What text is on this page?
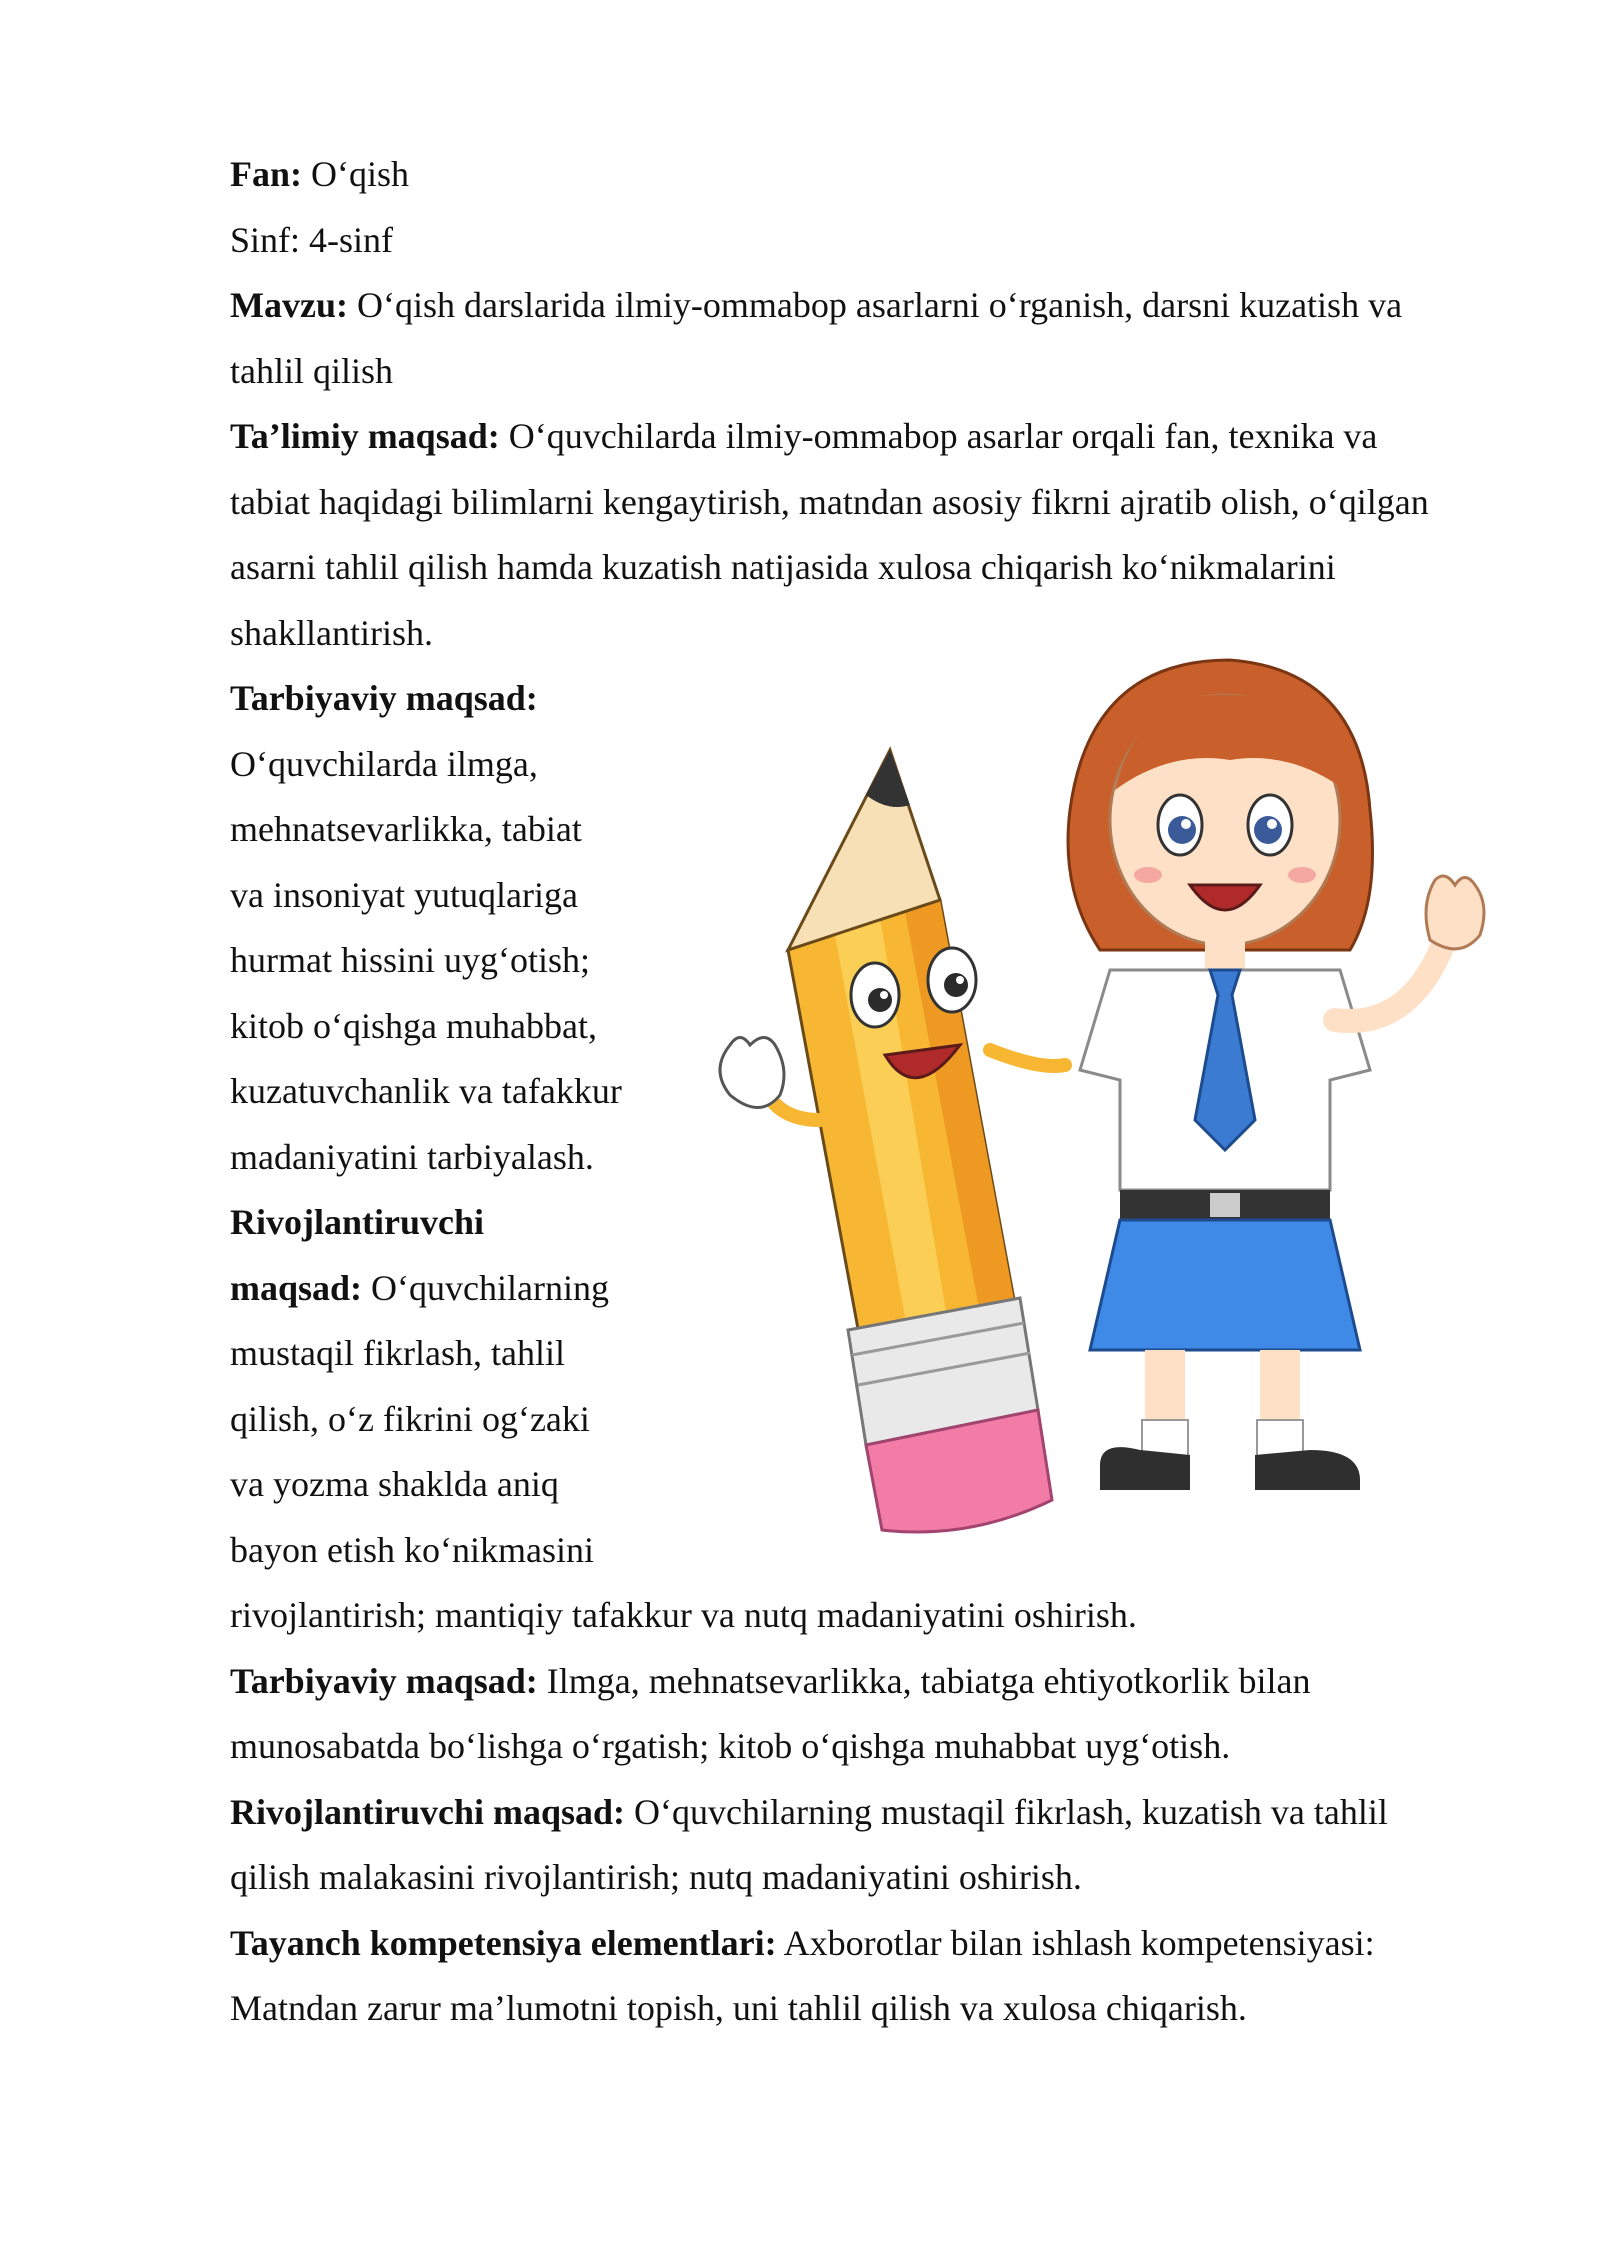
Fan: O‘qish
Sinf: 4-sinf
Mavzu: O‘qish darslarida ilmiy-ommabop asarlarni o‘rganish, darsni kuzatish va
tahlil qilish
Ta’limiy maqsad: O‘quvchilarda ilmiy-ommabop asarlar orqali fan, texnika va
tabiat haqidagi bilimlarni kengaytirish, matndan asosiy fikrni ajratib olish, o‘qilgan
asarni tahlil qilish hamda kuzatish natijasida xulosa chiqarish ko‘nikmalarini
shakllantirish.
Tarbiyaviy maqsad:
O‘quvchilarda ilmga,
mehnatsevarlikka, tabiat
va insoniyat yutuqlariga
hurmat hissini uyg‘otish;
kitob o‘qishga muhabbat,
kuzatuvchanlik va tafakkur
madaniyatini tarbiyalash.
Rivojlantiruvchi
maqsad: O‘quvchilarning
mustaqil fikrlash, tahlil
qilish, o‘z fikrini og‘zaki
va yozma shaklda aniq
bayon etish ko‘nikmasini
rivojlantirish; mantiqiy tafakkur va nutq madaniyatini oshirish.
Tarbiyaviy maqsad: Ilmga, mehnatsevarlikka, tabiatga ehtiyotkorlik bilan
munosabatda bo‘lishga o‘rgatish; kitob o‘qishga muhabbat uyg‘otish.
Rivojlantiruvchi maqsad: O‘quvchilarning mustaqil fikrlash, kuzatish va tahlil
qilish malakasini rivojlantirish; nutq madaniyatini oshirish.
Tayanch kompetensiya elementlari: Axborotlar bilan ishlash kompetensiyasi:
Matndan zarur ma’lumotni topish, uni tahlil qilish va xulosa chiqarish.
